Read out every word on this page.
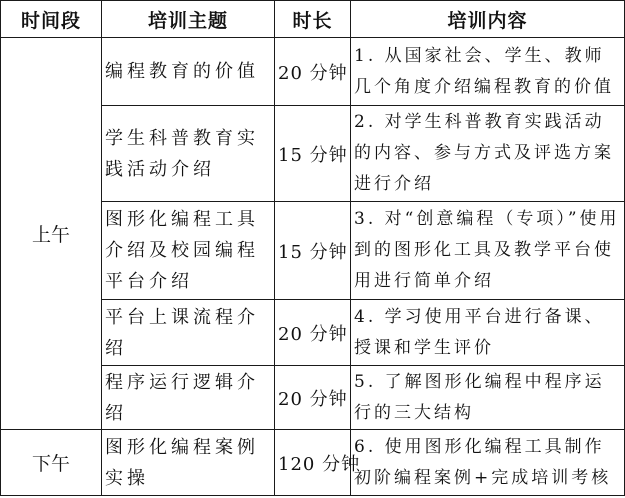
时间段	培训主题	时长	培训内容
上午	编程教育的价值	20 分钟	1. 从国家社会、学生、教师几个角度介绍编程教育的价值
	学生科普教育实践活动介绍	15 分钟	2. 对学生科普教育实践活动的内容、参与方式及评选方案进行介绍
	图形化编程工具介绍及校园编程平台介绍	15 分钟	3. 对“创意编程（专项）”使用到的图形化工具及教学平台使用进行简单介绍
	平台上课流程介绍	20 分钟	4. 学习使用平台进行备课、授课和学生评价
	程序运行逻辑介绍	20 分钟	5. 了解图形化编程中程序运行的三大结构
下午	图形化编程案例实操	120 分钟	6. 使用图形化编程工具制作初阶编程案例+完成培训考核
